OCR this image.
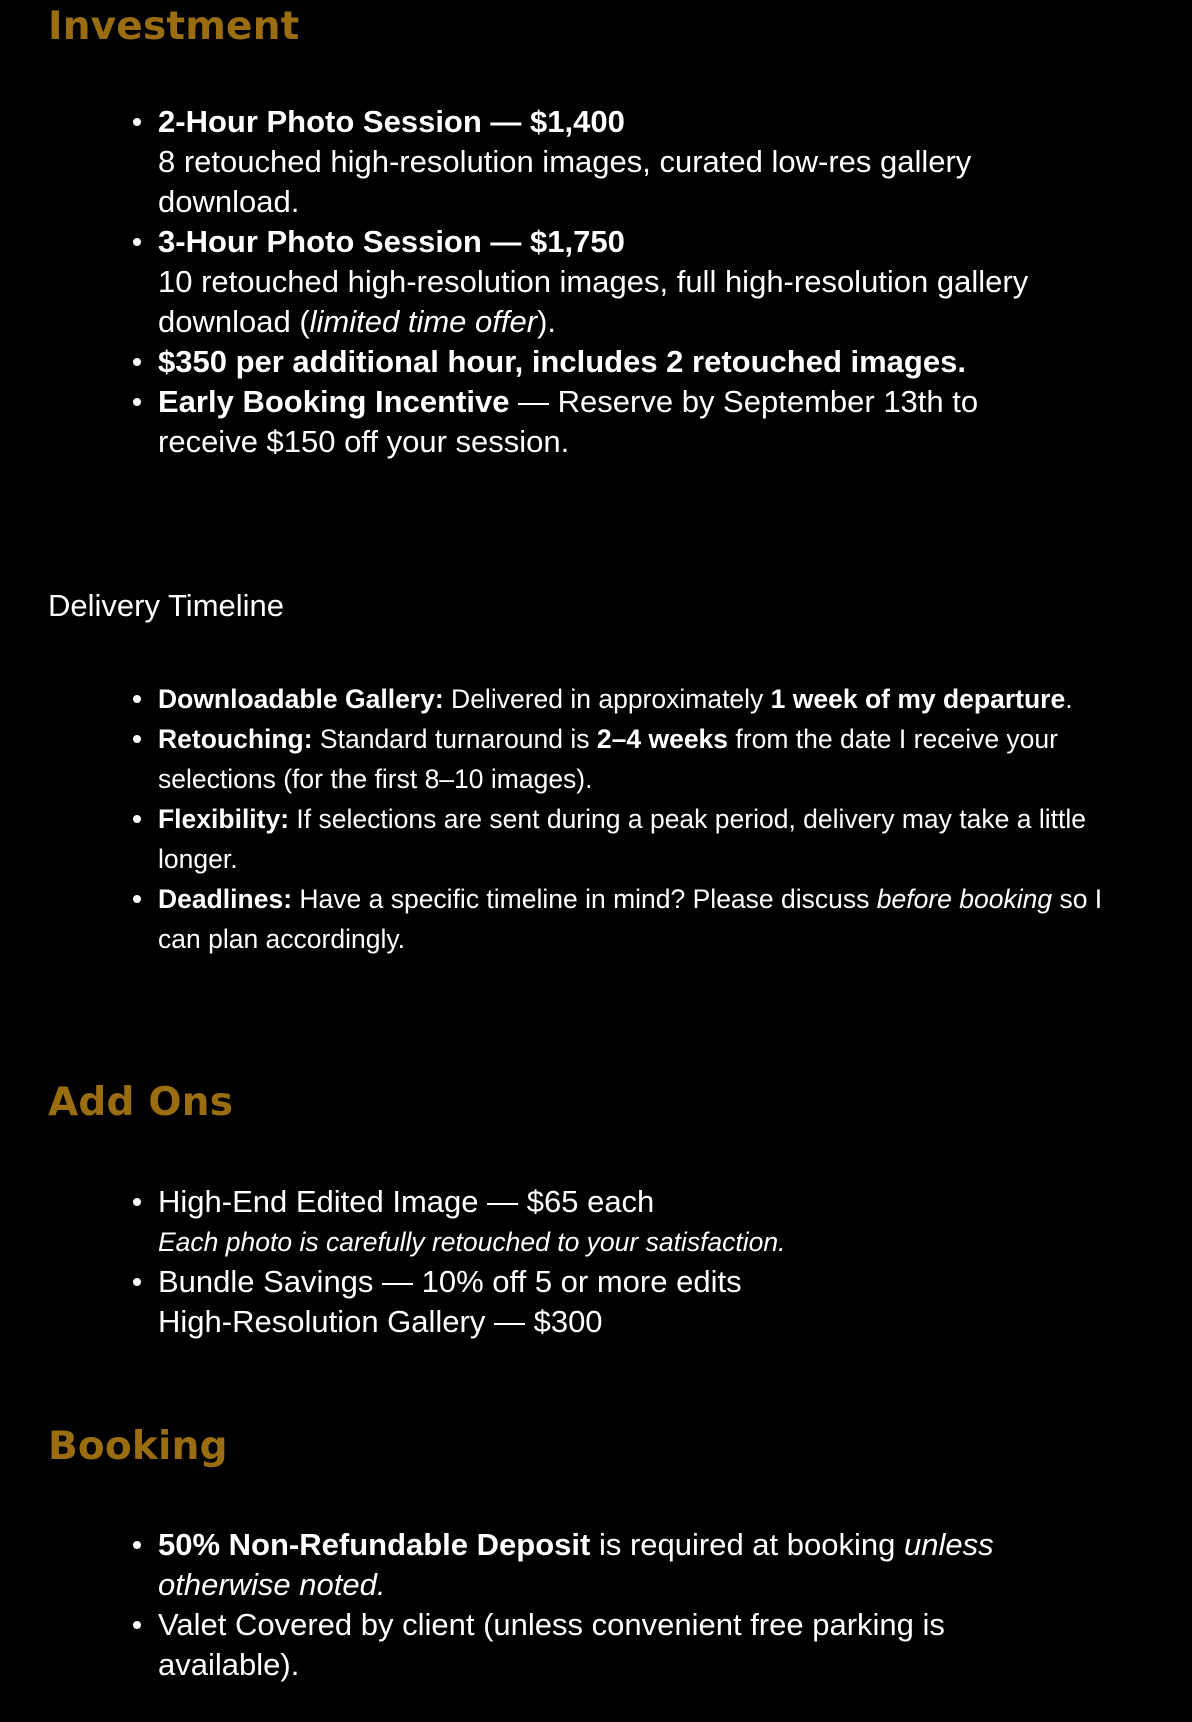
Investment
2-Hour Photo Session — $1,400
8 retouched high-resolution images, curated low-res gallery download.
3-Hour Photo Session — $1,750
10 retouched high-resolution images, full high-resolution gallery download (limited time offer).
$350 per additional hour, includes 2 retouched images.
Early Booking Incentive — Reserve by September 13th to receive $150 off your session.
Delivery Timeline
Downloadable Gallery: Delivered in approximately 1 week of my departure.
Retouching: Standard turnaround is 2–4 weeks from the date I receive your selections (for the first 8–10 images).
Flexibility: If selections are sent during a peak period, delivery may take a little longer.
Deadlines: Have a specific timeline in mind? Please discuss before booking so I can plan accordingly.
Add Ons
High-End Edited Image — $65 each
Each photo is carefully retouched to your satisfaction.
Bundle Savings — 10% off 5 or more edits
High-Resolution Gallery — $300
Booking
50% Non-Refundable Deposit is required at booking unless otherwise noted.
Valet Covered by client (unless convenient free parking is available).
